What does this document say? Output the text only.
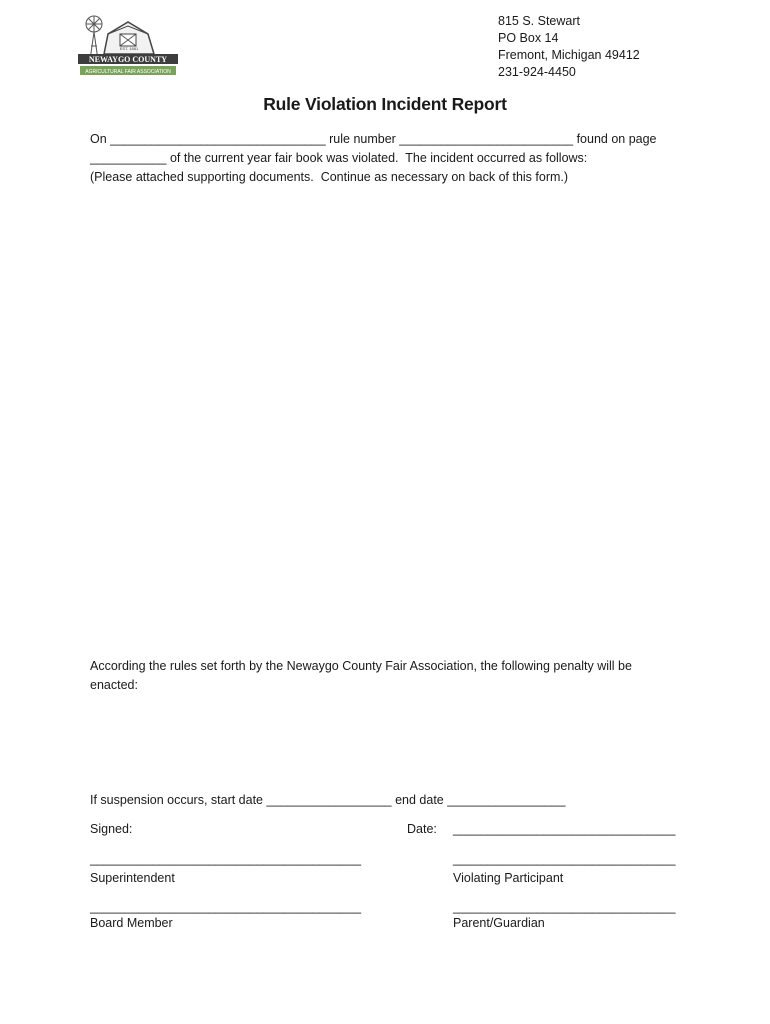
NEWAYGO COUNTY
AGRICULTURAL FAIR ASSOCIATION
EST. 1881
815 S. Stewart
PO Box 14
Fremont, Michigan 49412
231-924-4450
Rule Violation Incident Report
On _______________________________ rule number _________________________ found on page
___________ of the current year fair book was violated.  The incident occurred as follows:
(Please attached supporting documents.  Continue as necessary on back of this form.)
According the rules set forth by the Newaygo County Fair Association, the following penalty will be
enacted:
If suspension occurs, start date __________________ end date _________________
Signed:	Date: ________________________________
_______________________________________	________________________________
Superintendent	Violating Participant
_______________________________________	________________________________
Board Member	Parent/Guardian
